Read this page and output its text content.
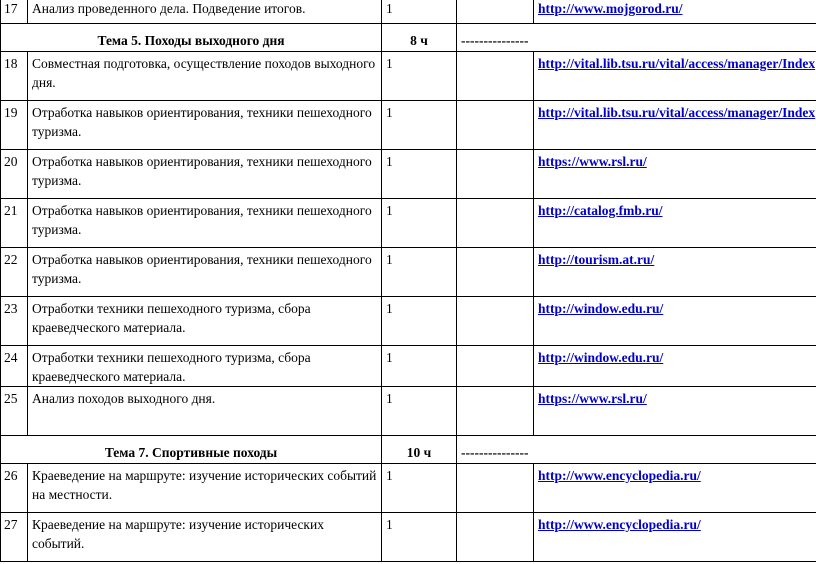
17	Анализ проведенного дела. Подведение итогов.	1		http://www.mojgorod.ru/
Тема 5. Походы выходного дня		8 ч	---------------	
18	Совместная подготовка, осуществление походов выходного дня.	1		http://vital.lib.tsu.ru/vital/access/manager/Index
19	Отработка навыков ориентирования, техники пешеходного туризма.	1		http://vital.lib.tsu.ru/vital/access/manager/Index
20	Отработка навыков ориентирования, техники пешеходного туризма.	1		https://www.rsl.ru/
21	Отработка навыков ориентирования, техники пешеходного туризма.	1		http://catalog.fmb.ru/
22	Отработка навыков ориентирования, техники пешеходного туризма.	1		http://tourism.at.ru/
23	Отработки техники пешеходного туризма, сбора краеведческого материала.	1		http://window.edu.ru/
24	Отработки техники пешеходного туризма, сбора краеведческого материала.	1		http://window.edu.ru/
25	Анализ походов выходного дня.	1		https://www.rsl.ru/
Тема 7. Спортивные походы		10 ч	---------------	
26	Краеведение на маршруте: изучение исторических событий на местности.	1		http://www.encyclopedia.ru/
27	Краеведение на маршруте: изучение исторических событий.	1		http://www.encyclopedia.ru/
